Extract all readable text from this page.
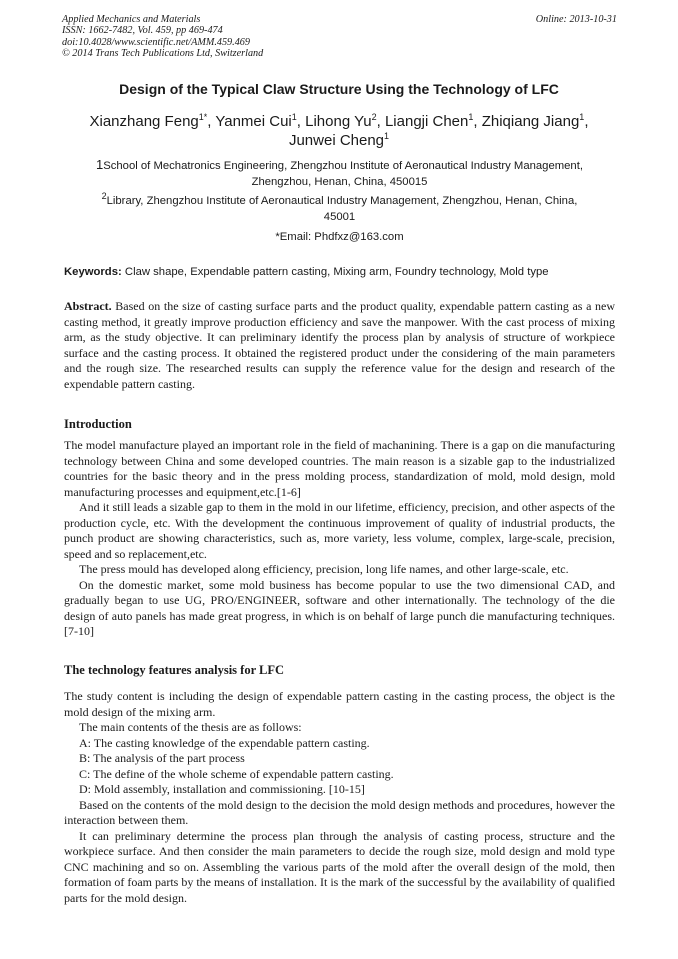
Applied Mechanics and Materials
ISSN: 1662-7482, Vol. 459, pp 469-474
doi:10.4028/www.scientific.net/AMM.459.469
© 2014 Trans Tech Publications Ltd, Switzerland
Online: 2013-10-31
Design of the Typical Claw Structure Using the Technology of LFC
Xianzhang Feng$^{1*}$, Yanmei Cui$^1$, Lihong Yu$^2$, Liangji Chen$^1$, Zhiqiang Jiang$^1$,
Junwei Cheng$^1$
1School of Mechatronics Engineering, Zhengzhou Institute of Aeronautical Industry Management,
Zhengzhou, Henan, China, 450015
$^2$Library, Zhengzhou Institute of Aeronautical Industry Management, Zhengzhou, Henan, China,
45001
*Email: Phdfxz@163.com
Keywords: Claw shape, Expendable pattern casting, Mixing arm, Foundry technology, Mold type
Abstract. Based on the size of casting surface parts and the product quality, expendable pattern casting as a new casting method, it greatly improve production efficiency and save the manpower. With the cast process of mixing arm, as the study objective. It can preliminary identify the process plan by analysis of structure of workpiece surface and the casting process. It obtained the registered product under the considering of the main parameters and the rough size. The researched results can supply the reference value for the design and research of the expendable pattern casting.
Introduction

The model manufacture played an important role in the field of machanining. There is a gap on die manufacturing technology between China and some developed countries. The main reason is a sizable gap to the industrialized countries for the basic theory and in the press molding process, standardization of mold, mold design, mold manufacturing processes and equipment,etc.[1-6]

And it still leads a sizable gap to them in the mold in our lifetime, efficiency, precision, and other aspects of the production cycle, etc. With the development the continuous improvement of quality of industrial products, the punch product are showing characteristics, such as, more variety, less volume, complex, large-scale, precision, speed and so replacement,etc.

The press mould has developed along efficiency, precision, long life names, and other large-scale, etc.

On the domestic market, some mold business has become popular to use the two dimensional CAD, and gradually began to use UG, PRO/ENGINEER, software and other internationally. The technology of the die design of auto panels has made great progress, in which is on behalf of large punch die manufacturing techniques.[7-10]

The technology features analysis for LFC

The study content is including the design of expendable pattern casting in the casting process, the object is the mold design of the mixing arm.

The main contents of the thesis are as follows:

A: The casting knowledge of the expendable pattern casting.

B: The analysis of the part process

C: The define of the whole scheme of expendable pattern casting.

D: Mold assembly, installation and commissioning. [10-15]

Based on the contents of the mold design to the decision the mold design methods and procedures, however the interaction between them.

It can preliminary determine the process plan through the analysis of casting process, structure and the workpiece surface. And then consider the main parameters to decide the rough size, mold design and mold type CNC machining and so on. Assembling the various parts of the mold after the overall design of the mold, then formation of foam parts by the means of installation. It is the mark of the successful by the availability of qualified parts for the mold design.
